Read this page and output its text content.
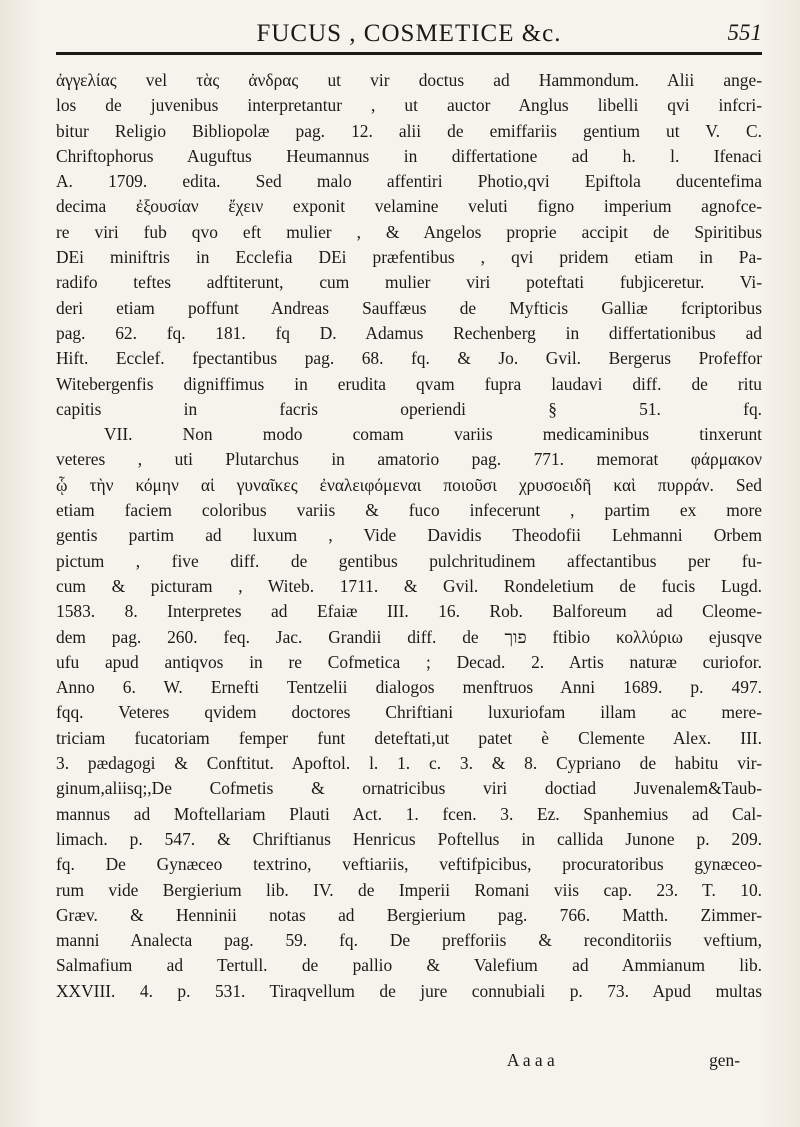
FUCUS , COSMETICE &c.	551

ἀγγελίας vel τὰς ἀνδρας ut vir doctus ad Hammondum. Alii ange-

los de juvenibus interpretantur , ut auctor Anglus libelli qvi infcri-

bitur Religio Bibliopolæ pag. 12. alii de emiffariis gentium ut V. C.

Chriftophorus Auguftus Heumannus in differtatione ad h. l. Ifenaci

A. 1709. edita. Sed malo affentiri Photio,qvi Epiftola ducentefima

decima ἐξουσίαν ἔχειν exponit velamine veluti figno imperium agnofce-

re viri fub qvo eft mulier , & Angelos proprie accipit de Spiritibus

DEi miniftris in Ecclefia DEi præfentibus , qvi pridem etiam in Pa-

radifo teftes adftiterunt, cum mulier viri poteftati fubjiceretur. Vi-

deri etiam poffunt Andreas Sauffæus de Myfticis Galliæ fcriptoribus

pag. 62. fq. 181. fq D. Adamus Rechenberg in differtationibus ad

Hift. Ecclef. fpectantibus pag. 68. fq. & Jo. Gvil. Bergerus Profeffor

Witebergenfis digniffimus in erudita qvam fupra laudavi diff. de ritu

capitis in facris operiendi § 51. fq.

VII. Non modo comam variis medicaminibus tinxerunt

veteres , uti Plutarchus in amatorio pag. 771. memorat φάρμακον

ᾧ τὴν κόμην αἱ γυναῖκες ἐναλειφόμεναι ποιοῦσι χρυσοειδῆ καὶ πυρράν. Sed

etiam faciem coloribus variis & fuco infecerunt , partim ex more

gentis partim ad luxum , Vide Davidis Theodofii Lehmanni Orbem

pictum , five diff. de gentibus pulchritudinem affectantibus per fu-

cum & picturam , Witeb. 1711. & Gvil. Rondeletium de fucis Lugd.

1583. 8. Interpretes ad Efaiæ III. 16. Rob. Balforeum ad Cleome-

dem pag. 260. feq. Jac. Grandii diff. de פוך ftibio κολλύριω ejusqve

ufu apud antiqvos in re Cofmetica ; Decad. 2. Artis naturæ curiofor.

Anno 6. W. Ernefti Tentzelii dialogos menftruos Anni 1689. p. 497.

fqq. Veteres qvidem doctores Chriftiani luxuriofam illam ac mere-

triciam fucatoriam femper funt deteftati,ut patet è Clemente Alex. III.

3. pædagogi & Conftitut. Apoftol. l. 1. c. 3. & 8. Cypriano de habitu vir-

ginum,aliisq;,De Cofmetis & ornatricibus viri doctiad Juvenalem&Taub-

mannus ad Moftellariam Plauti Act. 1. fcen. 3. Ez. Spanhemius ad Cal-

limach. p. 547. & Chriftianus Henricus Poftellus in callida Junone p. 209.

fq. De Gynæceo textrino, veftiariis, veftifpicibus, procuratoribus gynæceo-

rum vide Bergierium lib. IV. de Imperii Romani viis cap. 23. T. 10.

Græv. & Henninii notas ad Bergierium pag. 766. Matth. Zimmer-

manni Analecta pag. 59. fq. De prefforiis & reconditoriis veftium,

Salmafium ad Tertull. de pallio & Valefium ad Ammianum lib.

XXVIII. 4. p. 531. Tiraqvellum de jure connubiali p. 73. Apud multas

A a a a	gen-
